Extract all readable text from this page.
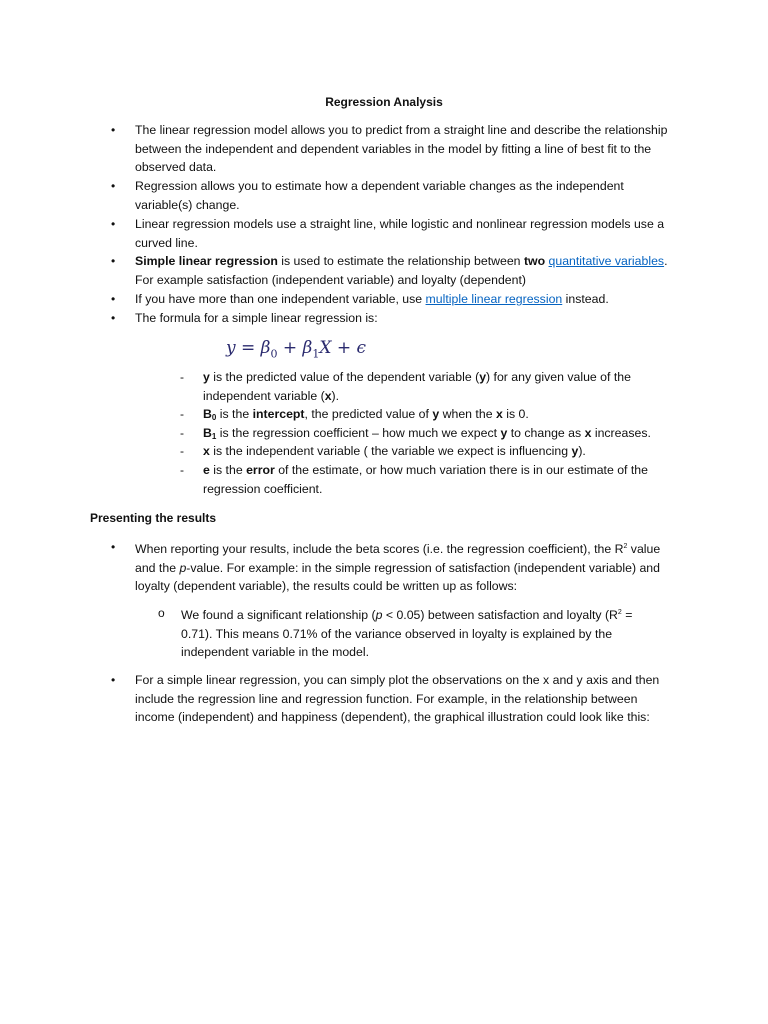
Regression Analysis
• The linear regression model allows you to predict from a straight line and describe the relationship between the independent and dependent variables in the model by fitting a line of best fit to the observed data.

• Regression allows you to estimate how a dependent variable changes as the independent variable(s) change.

• Linear regression models use a straight line, while logistic and nonlinear regression models use a curved line.

• Simple linear regression is used to estimate the relationship between two quantitative variables. For example satisfaction (independent variable) and loyalty (dependent)

• If you have more than one independent variable, use multiple linear regression instead.

• The formula for a simple linear regression is:

$y = \beta_0 + \beta_1X + \epsilon$
- y is the predicted value of the dependent variable (y) for any given value of the independent variable (x).

- $B_0$ is the intercept, the predicted value of y when the x is 0.

- $B_1$ is the regression coefficient – how much we expect y to change as x increases.

- x is the independent variable ( the variable we expect is influencing y).

- e is the error of the estimate, or how much variation there is in our estimate of the regression coefficient.

Presenting the results
• When reporting your results, include the beta scores (i.e. the regression coefficient), the $R^2$ value and the p-value. For example: in the simple regression of satisfaction (independent variable) and loyalty (dependent variable), the results could be written up as follows:

o We found a significant relationship (p < 0.05) between satisfaction and loyalty $(R^2 = 0.71)$. This means 0.71% of the variance observed in loyalty is explained by the independent variable in the model.

• For a simple linear regression, you can simply plot the observations on the x and y axis and then include the regression line and regression function. For example, in the relationship between income (independent) and happiness (dependent), the graphical illustration could look like this:
